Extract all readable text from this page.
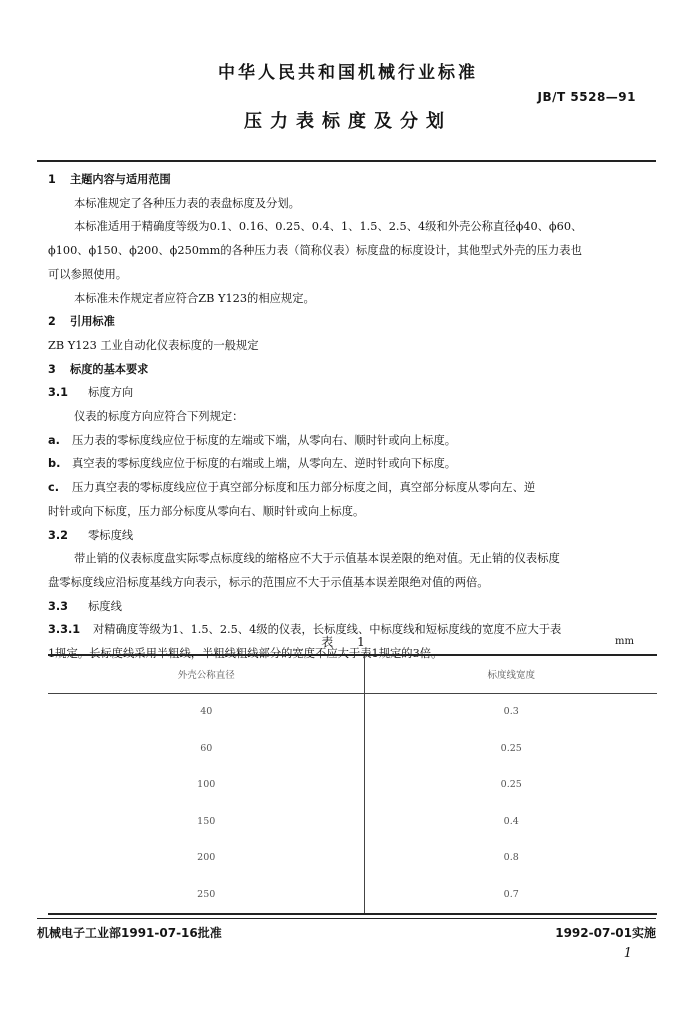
中华人民共和国机械行业标准
JB/T 5528—91
压力表标度及分划

1 主题内容与适用范围

本标准规定了各种压力表的表盘标度及分划。

本标准适用于精确度等级为0.1、0.16、0.25、0.4、1、1.5、2.5、4级和外壳公称直径ϕ40、ϕ60、

ϕ100、ϕ150、ϕ200、ϕ250mm的各种压力表（简称仪表）标度盘的标度设计，其他型式外壳的压力表也

可以参照使用。

本标准未作规定者应符合ZB Y123的相应规定。

2 引用标准

ZB Y123 工业自动化仪表标度的一般规定

3 标度的基本要求

3.1 标度方向

仪表的标度方向应符合下列规定：

a. 压力表的零标度线应位于标度的左端或下端，从零向右、顺时针或向上标度。

b. 真空表的零标度线应位于标度的右端或上端，从零向左、逆时针或向下标度。

c. 压力真空表的零标度线应位于真空部分标度和压力部分标度之间，真空部分标度从零向左、逆

时针或向下标度，压力部分标度从零向右、顺时针或向上标度。

3.2 零标度线

带止销的仪表标度盘实际零点标度线的缩格应不大于示值基本误差限的绝对值。无止销的仪表标度

盘零标度线应沿标度基线方向表示，标示的范围应不大于示值基本误差限绝对值的两倍。

3.3 标度线

3.3.1 对精确度等级为1、1.5、2.5、4级的仪表，长标度线、中标度线和短标度线的宽度不应大于表

1规定。长标度线采用半粗线，半粗线粗线部分的宽度不应大于表1规定的3倍。

表 1	mm
外壳公称直径	标度线宽度
40	0.3
60	0.25
100	0.25
150	0.4
200	0.8
250	0.7
机械电子工业部1991-07-16批准	1992-07-01实施
1
